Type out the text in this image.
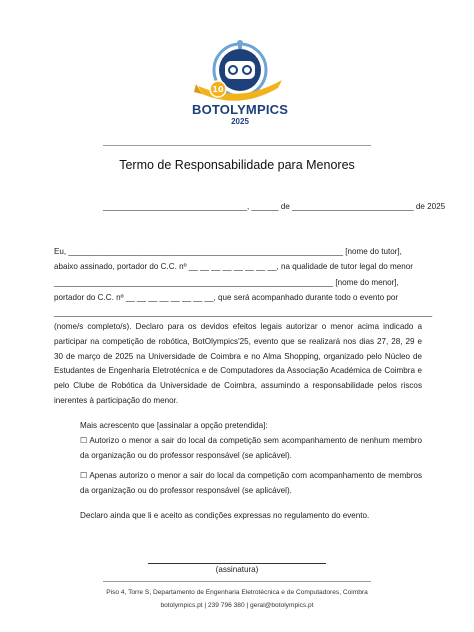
10
BOTOLYMPICS
2025
Termo de Responsabilidade para Menores
________________________________, ______ de ___________________________ de 2025
Eu, _____________________________________________________________ [nome do tutor],
abaixo assinado, portador do C.C. nº __ __ __ __ __ __ __ __, na qualidade de tutor legal do menor
______________________________________________________________ [nome do menor],
portador do C.C. nº __ __ __ __ __ __ __ __, que será acompanhado durante todo o evento por
____________________________________________________________________________________
(nome/s completo/s). Declaro para os devidos efeitos legais autorizar o menor acima indicado a participar na competição de robótica, BotOlympics'25, evento que se realizará nos dias 27, 28, 29 e 30 de março de 2025 na Universidade de Coimbra e no Alma Shopping, organizado pelo Núcleo de Estudantes de Engenharia Eletrotécnica e de Computadores da Associação Académica de Coimbra e pelo Clube de Robótica da Universidade de Coimbra, assumindo a responsabilidade pelos riscos inerentes à participação do menor.
Mais acrescento que [assinalar a opção pretendida]:
☐ Autorizo o menor a sair do local da competição sem acompanhamento de nenhum membro da organização ou do professor responsável (se aplicável).
☐ Apenas autorizo o menor a sair do local da competição com acompanhamento de membros da organização ou do professor responsável (se aplicável).
Declaro ainda que li e aceito as condições expressas no regulamento do evento.
(assinatura)
Piso 4, Torre S, Departamento de Engenharia Eletrotécnica e de Computadores, Coimbra
botolympics.pt | 239 796 380 | geral@botolympics.pt
